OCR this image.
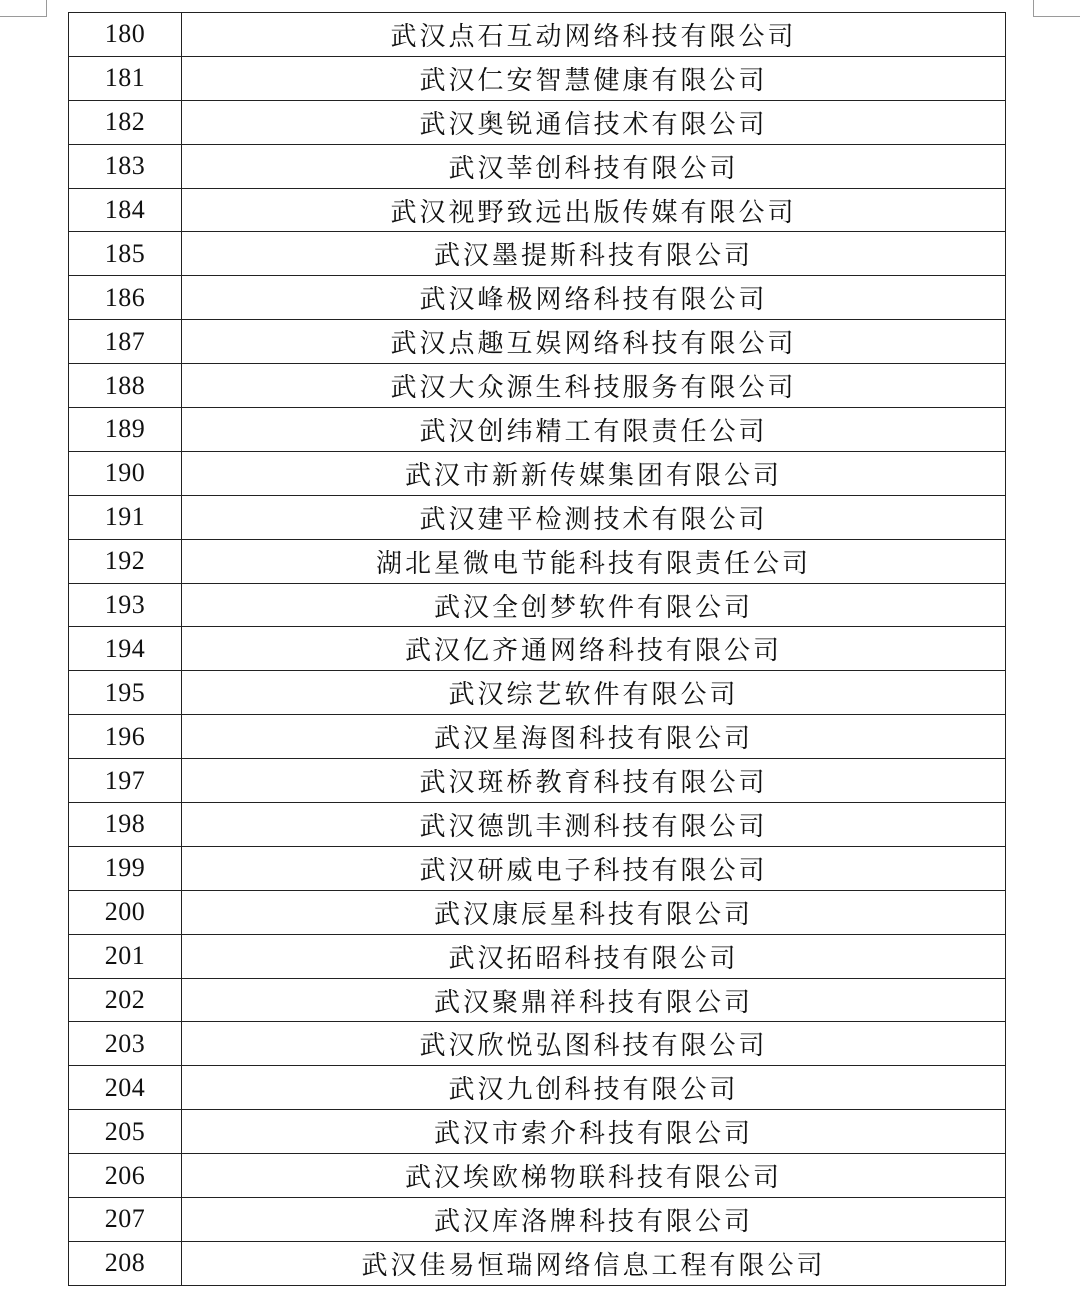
180	武汉点石互动网络科技有限公司
181	武汉仁安智慧健康有限公司
182	武汉奥锐通信技术有限公司
183	武汉莘创科技有限公司
184	武汉视野致远出版传媒有限公司
185	武汉墨提斯科技有限公司
186	武汉峰极网络科技有限公司
187	武汉点趣互娱网络科技有限公司
188	武汉大众源生科技服务有限公司
189	武汉创纬精工有限责任公司
190	武汉市新新传媒集团有限公司
191	武汉建平检测技术有限公司
192	湖北星微电节能科技有限责任公司
193	武汉全创梦软件有限公司
194	武汉亿齐通网络科技有限公司
195	武汉综艺软件有限公司
196	武汉星海图科技有限公司
197	武汉斑桥教育科技有限公司
198	武汉德凯丰测科技有限公司
199	武汉研威电子科技有限公司
200	武汉康辰星科技有限公司
201	武汉拓昭科技有限公司
202	武汉聚鼎祥科技有限公司
203	武汉欣悦弘图科技有限公司
204	武汉九创科技有限公司
205	武汉市索介科技有限公司
206	武汉埃欧梯物联科技有限公司
207	武汉库洛牌科技有限公司
208	武汉佳易恒瑞网络信息工程有限公司
